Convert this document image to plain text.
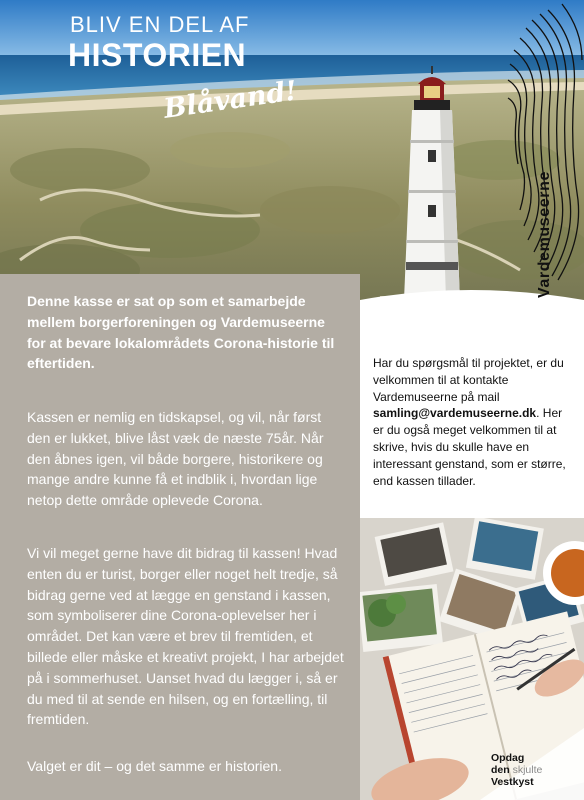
BLIV EN DEL AF
HISTORIEN
Blåvand!
Vardemuseerne

Denne kasse er sat op som et samarbejde mellem borgerforeningen og Vardemuseerne for at bevare lokalområdets Corona-historie til eftertiden.

Kassen er nemlig en tidskapsel, og vil, når først den er lukket, blive låst væk de næste 75år. Når den åbnes igen, vil både borgere, historikere og mange andre kunne få et indblik i, hvordan lige netop dette område oplevede Corona.

Vi vil meget gerne have dit bidrag til kassen! Hvad enten du er turist, borger eller noget helt tredje, så bidrag gerne ved at lægge en genstand i kassen, som symboliserer dine Corona-oplevelser her i området. Det kan være et brev til fremtiden, et billede eller måske et kreativt projekt, I har arbejdet på i sommerhuset. Uanset hvad du lægger i, så er du med til at sende en hilsen, og en fortælling, til fremtiden.

Valget er dit – og det samme er historien.

Har du spørgsmål til projektet, er du velkommen til at kontakte Vardemuseerne på mail samling@vardemuseerne.dk. Her er du også meget velkommen til at skrive, hvis du skulle have en interessant genstand, som er større, end kassen tillader.

Opdag
den skjulte
Vestkyst
